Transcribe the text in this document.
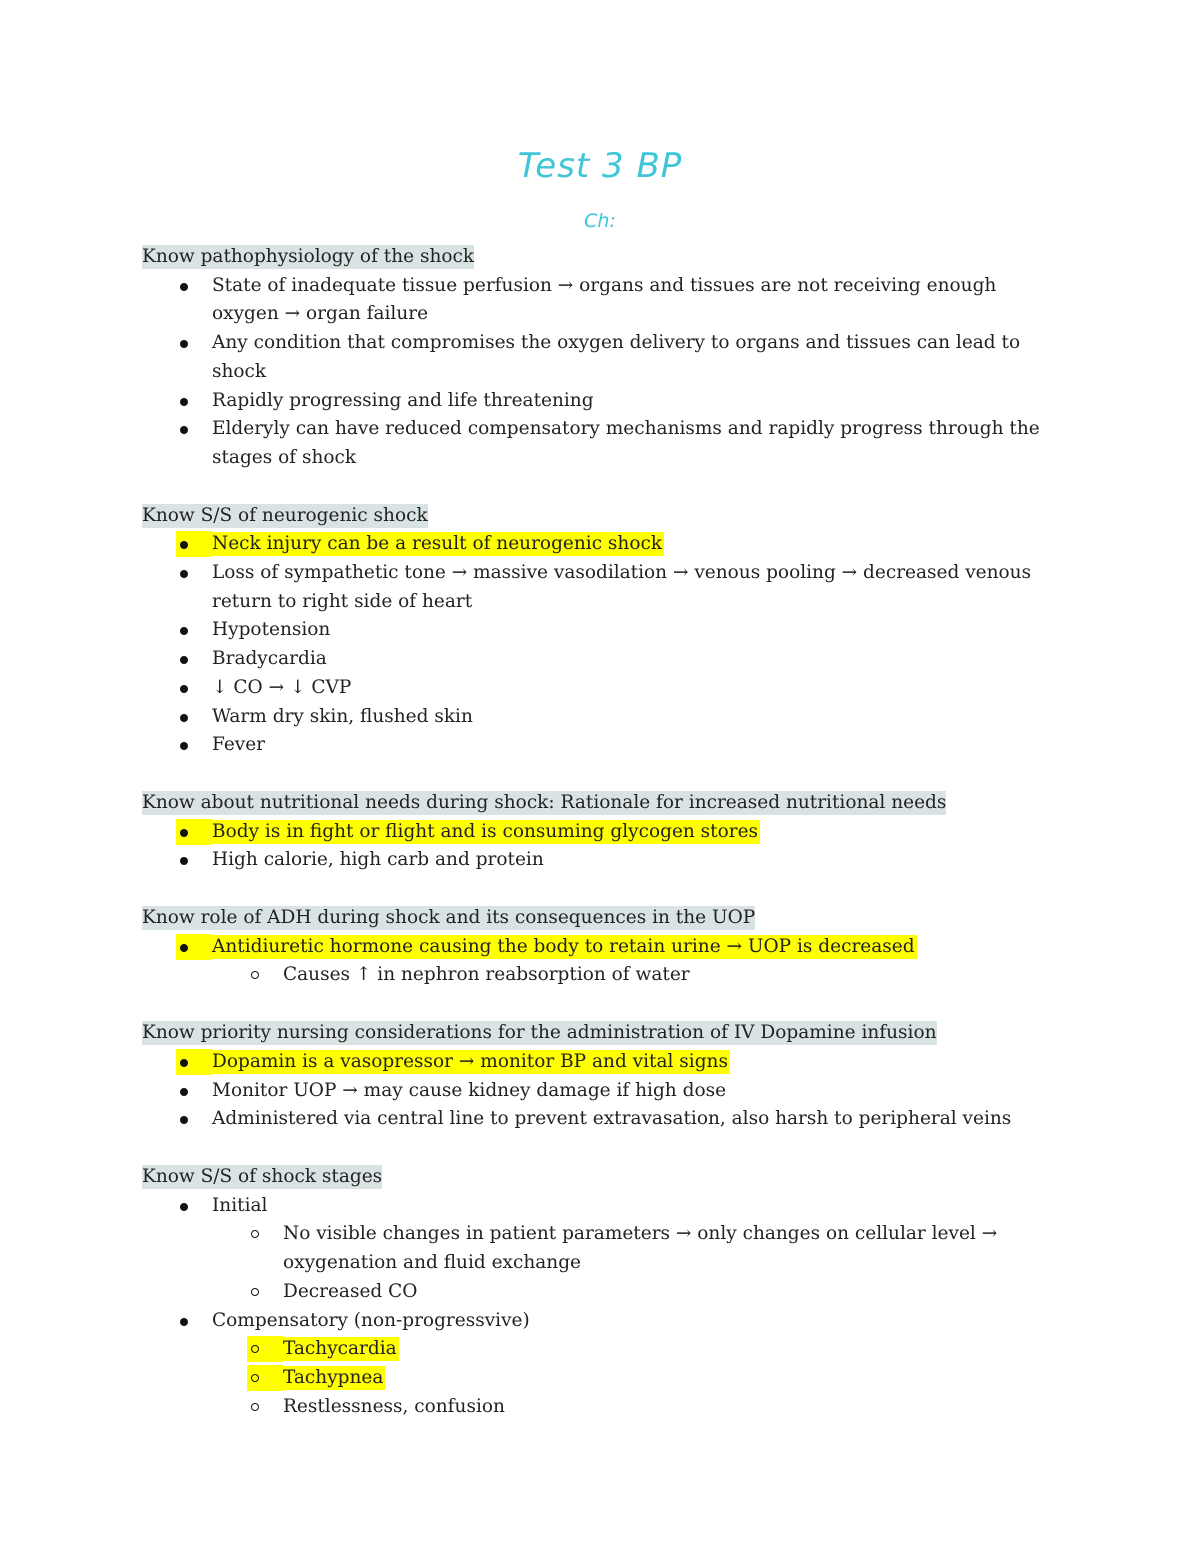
Test 3 BP
Ch:
Know pathophysiology of the shock
State of inadequate tissue perfusion → organs and tissues are not receiving enough oxygen → organ failure
Any condition that compromises the oxygen delivery to organs and tissues can lead to shock
Rapidly progressing and life threatening
Elderyly can have reduced compensatory mechanisms and rapidly progress through the stages of shock
Know S/S of neurogenic shock
Neck injury can be a result of neurogenic shock
Loss of sympathetic tone → massive vasodilation → venous pooling → decreased venous return to right side of heart
Hypotension
Bradycardia
↓ CO → ↓ CVP
Warm dry skin, flushed skin
Fever
Know about nutritional needs during shock: Rationale for increased nutritional needs
Body is in fight or flight and is consuming glycogen stores
High calorie, high carb and protein
Know role of ADH during shock and its consequences in the UOP
Antidiuretic hormone causing the body to retain urine → UOP is decreased
Causes ↑ in nephron reabsorption of water
Know priority nursing considerations for the administration of IV Dopamine infusion
Dopamin is a vasopressor → monitor BP and vital signs
Monitor UOP → may cause kidney damage if high dose
Administered via central line to prevent extravasation, also harsh to peripheral veins
Know S/S of shock stages
Initial
No visible changes in patient parameters → only changes on cellular level → oxygenation and fluid exchange
Decreased CO
Compensatory (non-progressvive)
Tachycardia
Tachypnea
Restlessness, confusion
